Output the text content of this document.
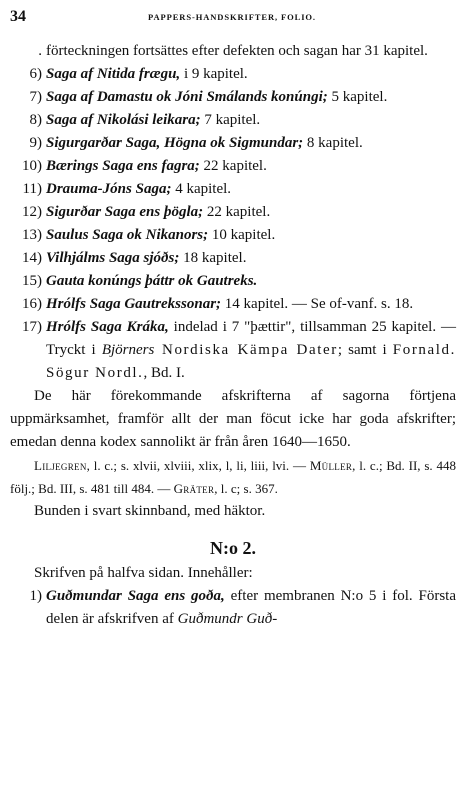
34	PAPPERS-HANDSKRIFTER, FOLIO.
. förteckningen fortsättes efter defekten och sagan har 31 kapitel.
6) Saga af Nitida frægu, i 9 kapitel.
7) Saga af Damastu ok Jóni Smálands konúngi; 5 kapitel.
8) Saga af Nikolási leikara; 7 kapitel.
9) Sigurgarðar Saga, Högna ok Sigmundar; 8 kapitel.
10) Bærings Saga ens fagra; 22 kapitel.
11) Drauma-Jóns Saga; 4 kapitel.
12) Sigurðar Saga ens þögla; 22 kapitel.
13) Saulus Saga ok Nikanors; 10 kapitel.
14) Vilhjálms Saga sjóðs; 18 kapitel.
15) Gauta konúngs þáttr ok Gautreks.
16) Hrólfs Saga Gautrekssonar; 14 kapitel. — Se of-vanf. s. 18.
17) Hrólfs Saga Kráka, indelad i 7 "þættir", tillsamman 25 kapitel. — Tryckt i Björners Nordiska Kämpa Dater; samt i Fornald. Sögur Nordl., Bd. I.

De här förekommande afskrifterna af sagorna förtjena uppmärksamhet, framför allt der man föcut icke har goda afskrifter; emedan denna kodex sannolikt är från åren 1640—1650.

Liljegren, l. c.; s. xlvii, xlviii, xlix, l, li, liii, lvi. — Müller, l. c.; Bd. II, s. 448 följ.; Bd. III, s. 481 till 484. — Gräter, l. c; s. 367.

Bunden i svart skinnband, med häktor.

N:o 2.

Skrifven på halfva sidan. Innehåller:

1) Guðmundar Saga ens goða, efter membranen N:o 5 i fol. Första delen är afskrifven af Guðmundr Guð-
